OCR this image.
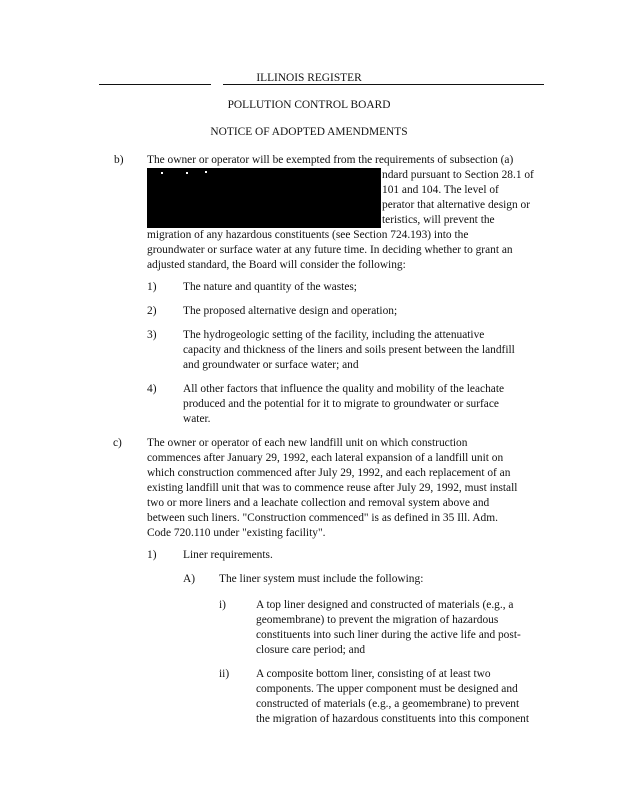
ILLINOIS REGISTER
POLLUTION CONTROL BOARD
NOTICE OF ADOPTED AMENDMENTS
b) The owner or operator will be exempted from the requirements of subsection (a)
ndard pursuant to Section 28.1 of
101 and 104. The level of
perator that alternative design or
teristics, will prevent the
migration of any hazardous constituents (see Section 724.193) into the
groundwater or surface water at any future time. In deciding whether to grant an
adjusted standard, the Board will consider the following:
1) The nature and quantity of the wastes;
2) The proposed alternative design and operation;
3) The hydrogeologic setting of the facility, including the attenuative
capacity and thickness of the liners and soils present between the landfill
and groundwater or surface water; and
4) All other factors that influence the quality and mobility of the leachate
produced and the potential for it to migrate to groundwater or surface
water.
c) The owner or operator of each new landfill unit on which construction
commences after January 29, 1992, each lateral expansion of a landfill unit on
which construction commenced after July 29, 1992, and each replacement of an
existing landfill unit that was to commence reuse after July 29, 1992, must install
two or more liners and a leachate collection and removal system above and
between such liners. "Construction commenced" is as defined in 35 Ill. Adm.
Code 720.110 under "existing facility".
1) Liner requirements.
A) The liner system must include the following:
i)	A top liner designed and constructed of materials (e.g., a
geomembrane) to prevent the migration of hazardous
constituents into such liner during the active life and post-
closure care period; and
ii) A composite bottom liner, consisting of at least two
components. The upper component must be designed and
constructed of materials (e.g., a geomembrane) to prevent
the migration of hazardous constituents into this component
